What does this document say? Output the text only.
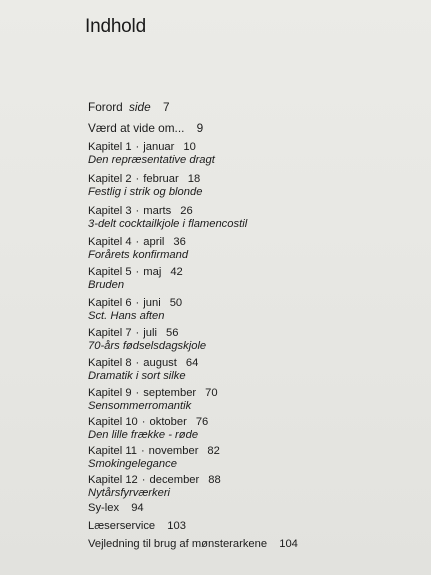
Indhold
Forord side 7
Værd at vide om... 9
Kapitel 1 · januar 10
Den repræsentative dragt
Kapitel 2 · februar 18
Festlig i strik og blonde
Kapitel 3 · marts 26
3-delt cocktailkjole i flamencostil
Kapitel 4 · april 36
Forårets konfirmand
Kapitel 5 · maj 42
Bruden
Kapitel 6 · juni 50
Sct. Hans aften
Kapitel 7 · juli 56
70-års fødselsdagskjole
Kapitel 8 · august 64
Dramatik i sort silke
Kapitel 9 · september 70
Sensommerromantik
Kapitel 10 · oktober 76
Den lille frække - røde
Kapitel 11 · november 82
Smokingelegance
Kapitel 12 · december 88
Nytårsfyrværkeri
Sy-lex 94
Læserservice 103
Vejledning til brug af mønsterarkene 104
